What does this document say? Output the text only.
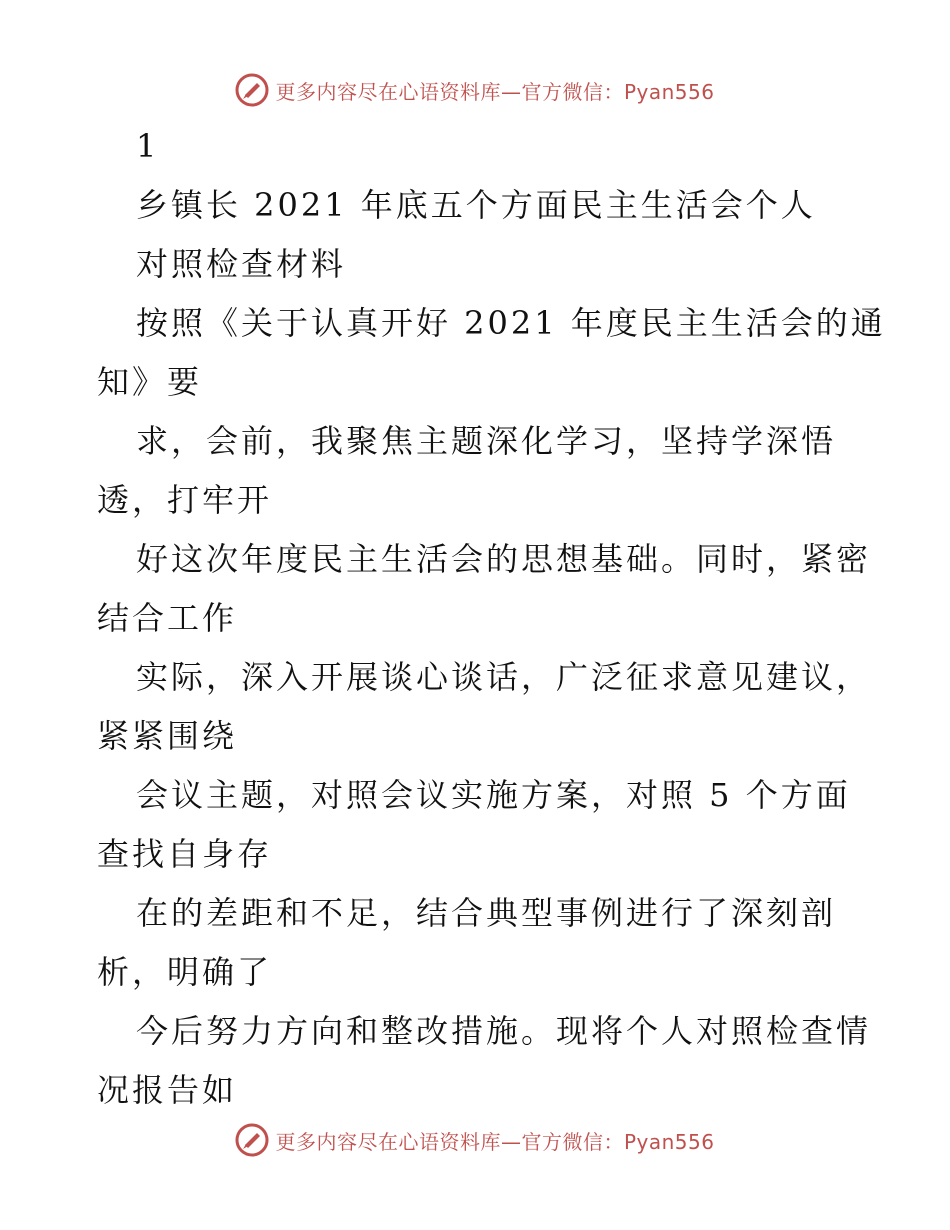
更多内容尽在心语资料库—官方微信：Pyan556
1
乡镇长 2021 年底五个方面民主生活会个人
对照检查材料
按照《关于认真开好 2021 年度民主生活会的通
知》要
求，会前，我聚焦主题深化学习，坚持学深悟
透，打牢开
好这次年度民主生活会的思想基础。同时，紧密
结合工作
实际，深入开展谈心谈话，广泛征求意见建议，
紧紧围绕
会议主题，对照会议实施方案，对照 5 个方面
查找自身存
在的差距和不足，结合典型事例进行了深刻剖
析，明确了
今后努力方向和整改措施。现将个人对照检查情
况报告如
更多内容尽在心语资料库—官方微信：Pyan556
